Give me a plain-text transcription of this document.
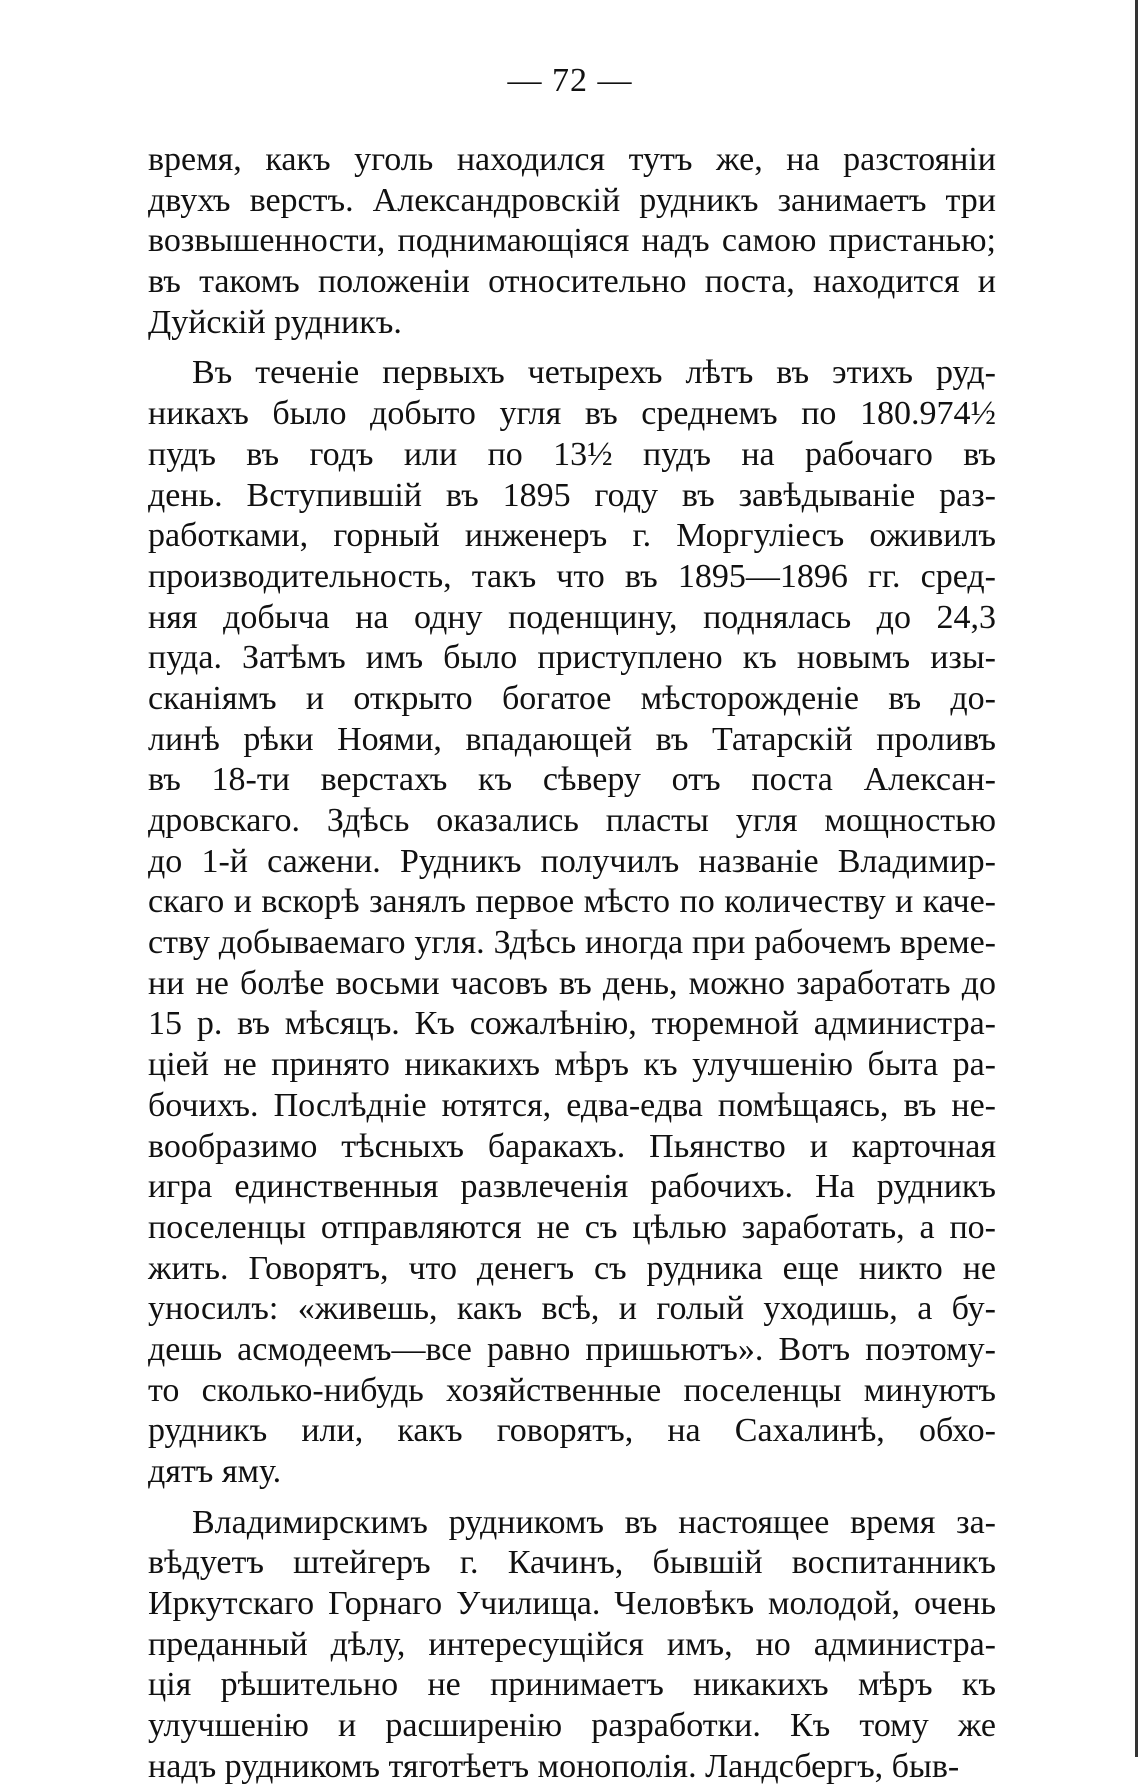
— 72 —
время, какъ уголь находился тутъ же, на разстояніи
двухъ верстъ. Александровскій рудникъ занимаетъ три
возвышенности, поднимающіяся надъ самою пристанью;
въ такомъ положеніи относительно поста, находится и
Дуйскій рудникъ.
Въ теченіе первыхъ четырехъ лѣтъ въ этихъ руд-
никахъ было добыто угля въ среднемъ по 180.974½
пудъ въ годъ или по 13½ пудъ на рабочаго въ
день. Вступившій въ 1895 году въ завѣдываніе раз-
работками, горный инженеръ г. Моргуліесъ оживилъ
производительность, такъ что въ 1895—1896 гг. сред-
няя добыча на одну поденщину, поднялась до 24,3
пуда. Затѣмъ имъ было приступлено къ новымъ изы-
сканіямъ и открыто богатое мѣсторожденіе въ до-
линѣ рѣки Ноями, впадающей въ Татарскій проливъ
въ 18-ти верстахъ къ сѣверу отъ поста Алексан-
дровскаго. Здѣсь оказались пласты угля мощностью
до 1-й сажени. Рудникъ получилъ названіе Владимир-
скаго и вскорѣ занялъ первое мѣсто по количеству и каче-
ству добываемаго угля. Здѣсь иногда при рабочемъ време-
ни не болѣе восьми часовъ въ день, можно заработать до
15 р. въ мѣсяцъ. Къ сожалѣнію, тюремной администра-
ціей не принято никакихъ мѣръ къ улучшенію быта ра-
бочихъ. Послѣдніе ютятся, едва-едва помѣщаясь, въ не-
вообразимо тѣсныхъ баракахъ. Пьянство и карточная
игра единственныя развлеченія рабочихъ. На рудникъ
поселенцы отправляются не съ цѣлью заработать, а по-
жить. Говорятъ, что денегъ съ рудника еще никто не
уносилъ: «живешь, какъ всѣ, и голый уходишь, а бу-
дешь асмодеемъ—все равно пришьютъ». Вотъ поэтому-
то сколько-нибудь хозяйственные поселенцы минуютъ
рудникъ или, какъ говорятъ, на Сахалинѣ, обхо-
дятъ яму.
Владимирскимъ рудникомъ въ настоящее время за-
вѣдуетъ штейгеръ г. Качинъ, бывшій воспитанникъ
Иркутскаго Горнаго Училища. Человѣкъ молодой, очень
преданный дѣлу, интересущійся имъ, но администра-
ція рѣшительно не принимаетъ никакихъ мѣръ къ
улучшенію и расширенію разработки. Къ тому же
надъ рудникомъ тяготѣетъ монополія. Ландсбергъ, быв-
